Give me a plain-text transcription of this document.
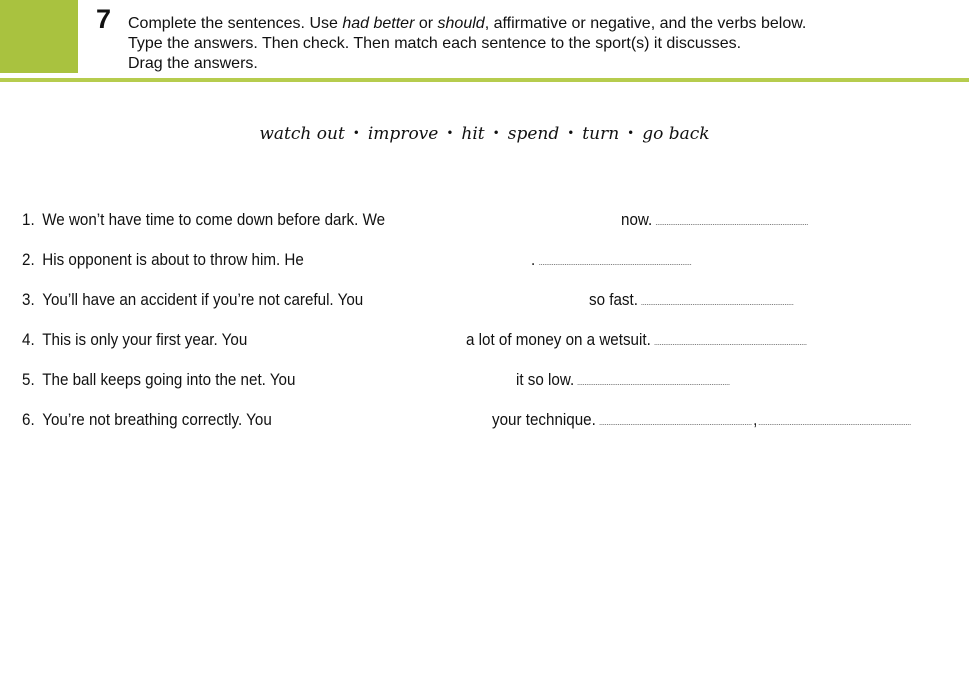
7 Complete the sentences. Use had better or should, affirmative or negative, and the verbs below.
Type the answers. Then check. Then match each sentence to the sport(s) it discusses.
Drag the answers.
watch out • improve • hit • spend • turn • go back
1. We won’t have time to come down before dark. We	now.
2. His opponent is about to throw him. He	.
3. You’ll have an accident if you’re not careful. You	so fast.
4. This is only your first year. You	a lot of money on a wetsuit.
5. The ball keeps going into the net. You	it so low.
6. You’re not breathing correctly. You	your technique.	,
